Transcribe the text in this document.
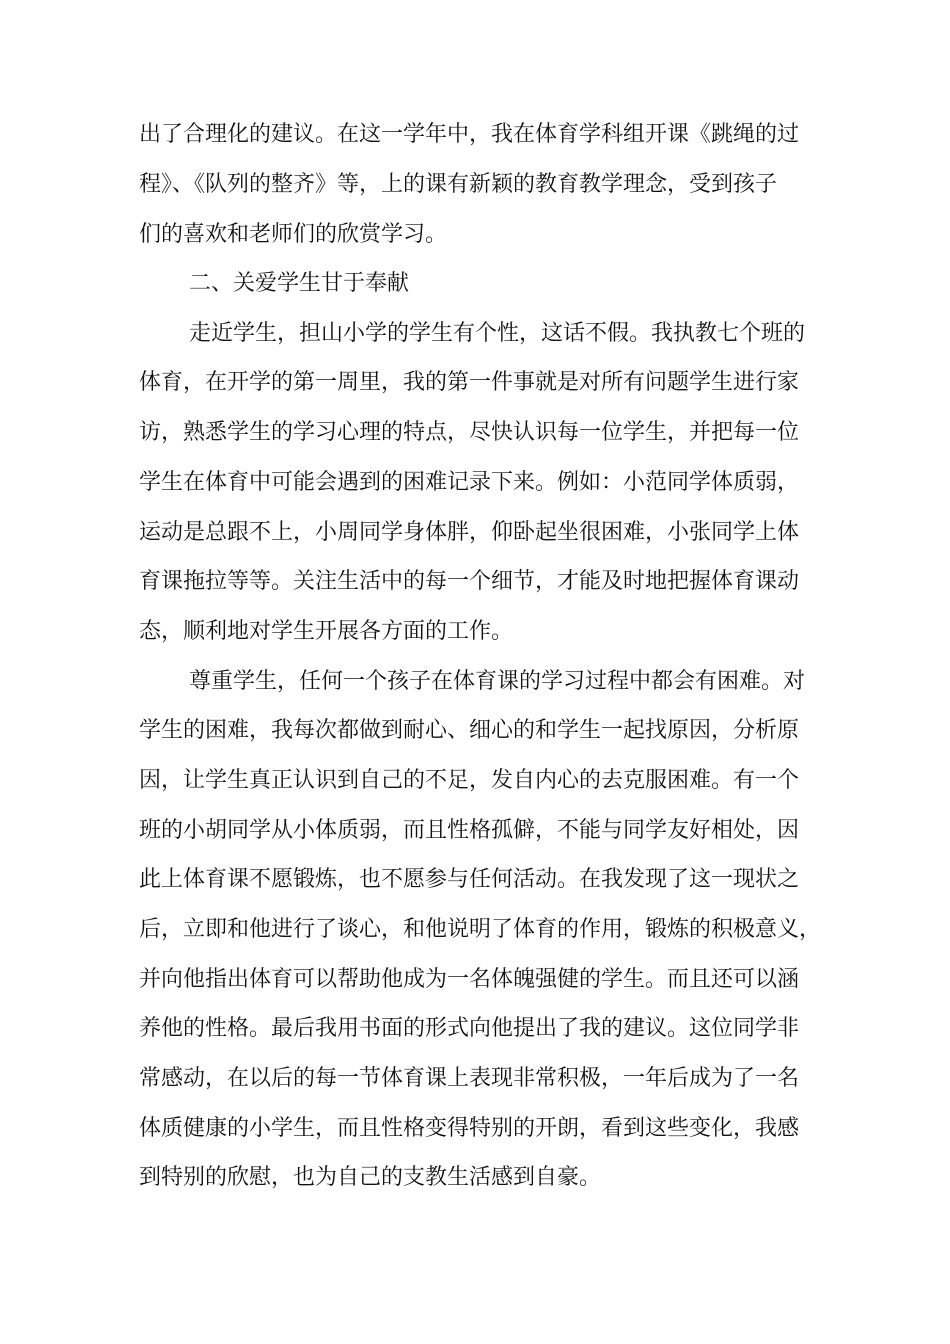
出了合理化的建议。在这一学年中，我在体育学科组开课《跳绳的过
程》、《队列的整齐》等，上的课有新颖的教育教学理念，受到孩子
们的喜欢和老师们的欣赏学习。
二、关爱学生甘于奉献
走近学生，担山小学的学生有个性，这话不假。我执教七个班的
体育，在开学的第一周里，我的第一件事就是对所有问题学生进行家
访，熟悉学生的学习心理的特点，尽快认识每一位学生，并把每一位
学生在体育中可能会遇到的困难记录下来。例如：小范同学体质弱，
运动是总跟不上，小周同学身体胖，仰卧起坐很困难，小张同学上体
育课拖拉等等。关注生活中的每一个细节，才能及时地把握体育课动
态，顺利地对学生开展各方面的工作。
尊重学生，任何一个孩子在体育课的学习过程中都会有困难。对
学生的困难，我每次都做到耐心、细心的和学生一起找原因，分析原
因，让学生真正认识到自己的不足，发自内心的去克服困难。有一个
班的小胡同学从小体质弱，而且性格孤僻，不能与同学友好相处，因
此上体育课不愿锻炼，也不愿参与任何活动。在我发现了这一现状之
后，立即和他进行了谈心，和他说明了体育的作用，锻炼的积极意义，
并向他指出体育可以帮助他成为一名体魄强健的学生。而且还可以涵
养他的性格。最后我用书面的形式向他提出了我的建议。这位同学非
常感动，在以后的每一节体育课上表现非常积极，一年后成为了一名
体质健康的小学生，而且性格变得特别的开朗，看到这些变化，我感
到特别的欣慰，也为自己的支教生活感到自豪。
